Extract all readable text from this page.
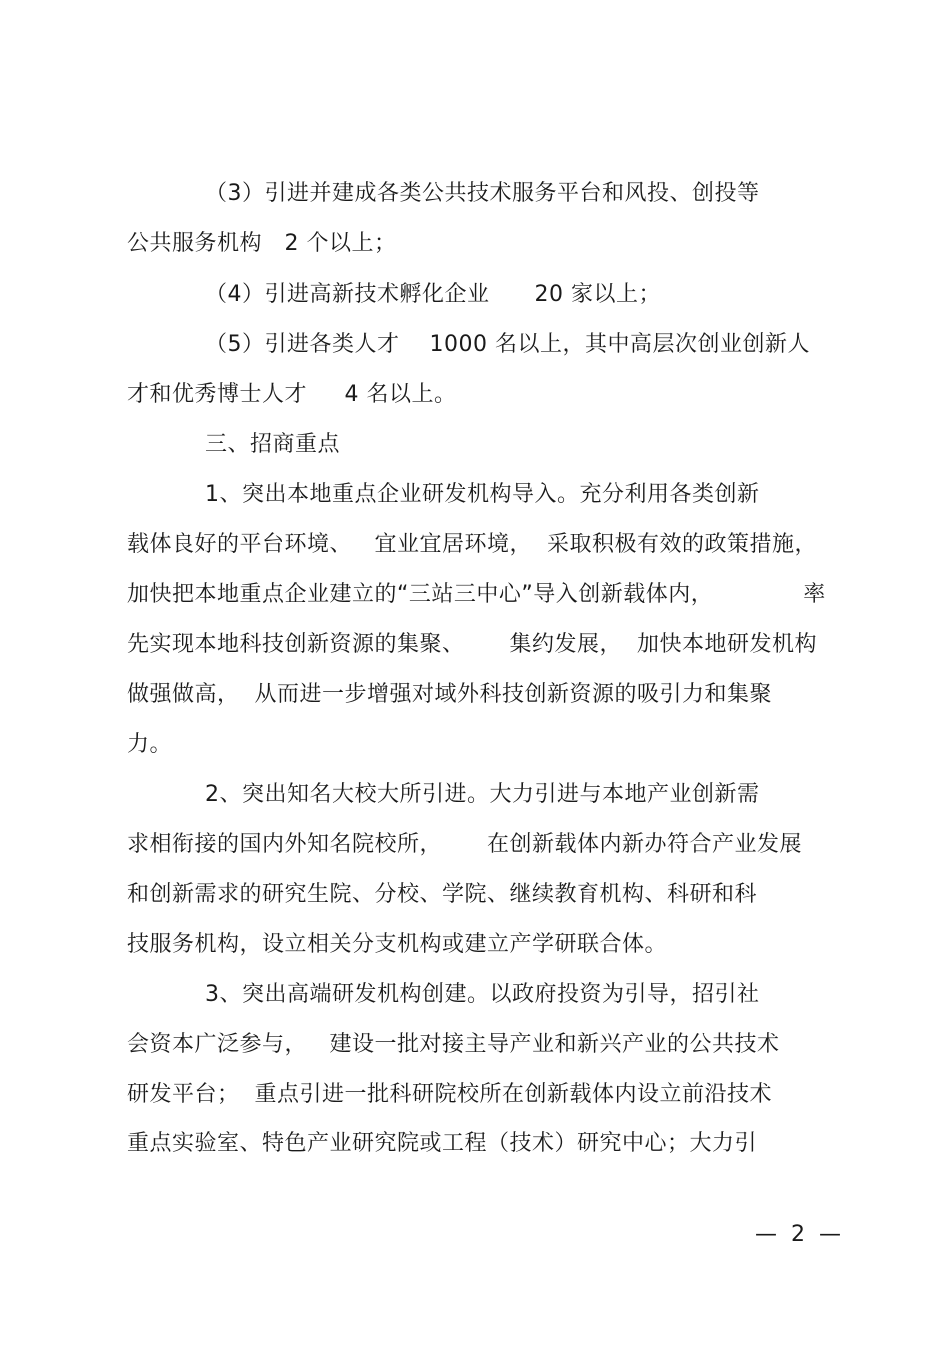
（3）引进并建成各类公共技术服务平台和风投、创投等
公共服务机构   2 个以上；
（4）引进高新技术孵化企业      20 家以上；
（5）引进各类人才    1000 名以上，其中高层次创业创新人
才和优秀博士人才     4 名以上。
三、招商重点
1、突出本地重点企业研发机构导入。充分利用各类创新
载体良好的平台环境、   宜业宜居环境，  采取积极有效的政策措施，
加快把本地重点企业建立的“三站三中心”导入创新载体内，            率
先实现本地科技创新资源的集聚、      集约发展，  加快本地研发机构
做强做高，  从而进一步增强对域外科技创新资源的吸引力和集聚
力。
2、突出知名大校大所引进。大力引进与本地产业创新需
求相衔接的国内外知名院校所，      在创新载体内新办符合产业发展
和创新需求的研究生院、分校、学院、继续教育机构、科研和科
技服务机构，设立相关分支机构或建立产学研联合体。
3、突出高端研发机构创建。以政府投资为引导，招引社
会资本广泛参与，   建设一批对接主导产业和新兴产业的公共技术
研发平台；  重点引进一批科研院校所在创新载体内设立前沿技术
重点实验室、特色产业研究院或工程（技术）研究中心；大力引
—  2  —
